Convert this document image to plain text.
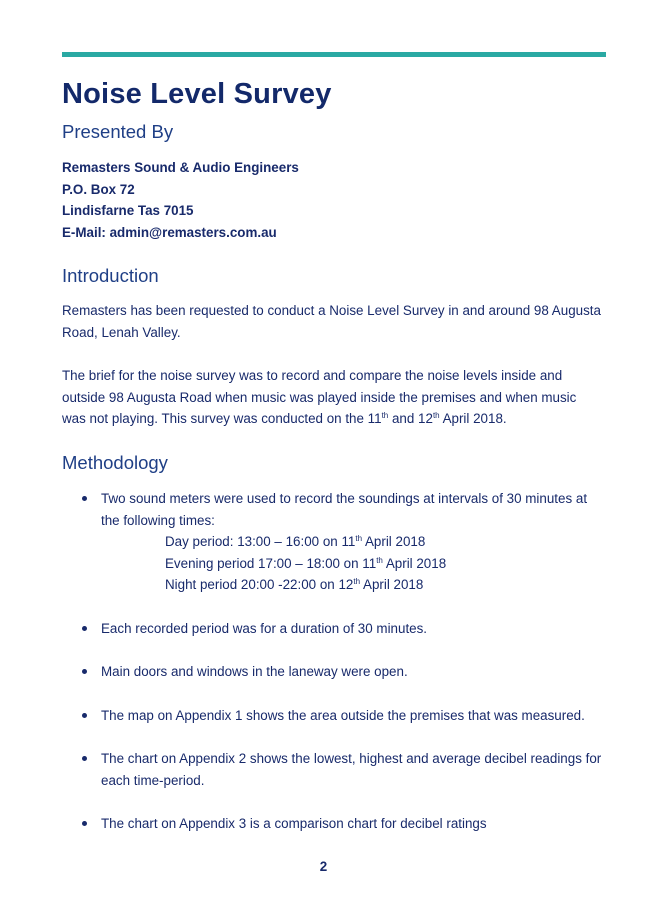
Noise Level Survey
Presented By
Remasters Sound & Audio Engineers
P.O. Box 72
Lindisfarne Tas 7015
E-Mail: admin@remasters.com.au
Introduction

Remasters has been requested to conduct a Noise Level Survey in and around 98 Augusta Road, Lenah Valley.

The brief for the noise survey was to record and compare the noise levels inside and outside 98 Augusta Road when music was played inside the premises and when music was not playing. This survey was conducted on the 11th and 12th April 2018.

Methodology
Two sound meters were used to record the soundings at intervals of 30 minutes at the following times:
Day period: 13:00 – 16:00 on 11th April 2018
Evening period 17:00 – 18:00 on 11th April 2018
Night period 20:00 -22:00 on 12th April 2018
Each recorded period was for a duration of 30 minutes.
Main doors and windows in the laneway were open.
The map on Appendix 1 shows the area outside the premises that was measured.
The chart on Appendix 2 shows the lowest, highest and average decibel readings for each time-period.
The chart on Appendix 3 is a comparison chart for decibel ratings
2
